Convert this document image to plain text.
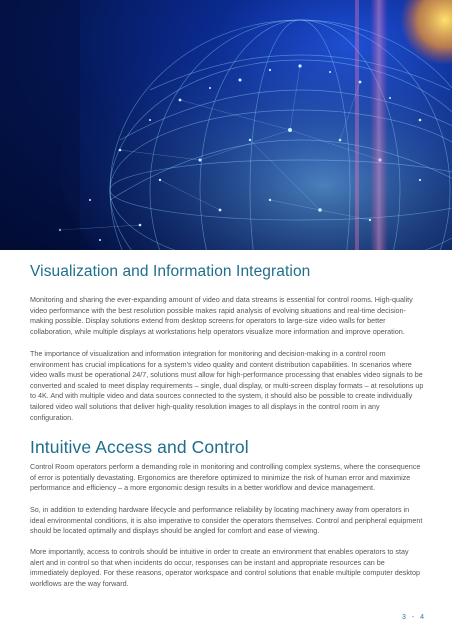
Visualization and Information Integration

Monitoring and sharing the ever-expanding amount of video and data streams is essential for control rooms. High-quality video performance with the best resolution possible makes rapid analysis of evolving situations and real-time decision-making possible. Display solutions extend from desktop screens for operators to large-size video walls for better collaboration, while multiple displays at workstations help operators visualize more information and improve operation.

The importance of visualization and information integration for monitoring and decision-making in a control room environment has crucial implications for a system’s video quality and content distribution capabilities. In scenarios where video walls must be operational 24/7, solutions must allow for high-performance processing that enables video signals to be converted and scaled to meet display requirements – single, dual display, or multi-screen display formats – at resolutions up to 4K. And with multiple video and data sources connected to the system, it should also be possible to create individually tailored video wall solutions that deliver high-quality resolution images to all displays in the control room in any configuration.

Intuitive Access and Control

Control Room operators perform a demanding role in monitoring and controlling complex systems, where the consequence of error is potentially devastating. Ergonomics are therefore optimized to minimize the risk of human error and maximize performance and efficiency – a more ergonomic design results in a better workflow and device management.

So, in addition to extending hardware lifecycle and performance reliability by locating machinery away from operators in ideal environmental conditions, it is also imperative to consider the operators themselves. Control and peripheral equipment should be located optimally and displays should be angled for comfort and ease of viewing.

More importantly, access to controls should be intuitive in order to create an environment that enables operators to stay alert and in control so that when incidents do occur, responses can be instant and appropriate resources can be immediately deployed. For these reasons, operator workspace and control solutions that enable multiple computer desktop workflows are the way forward.

3 - 4
